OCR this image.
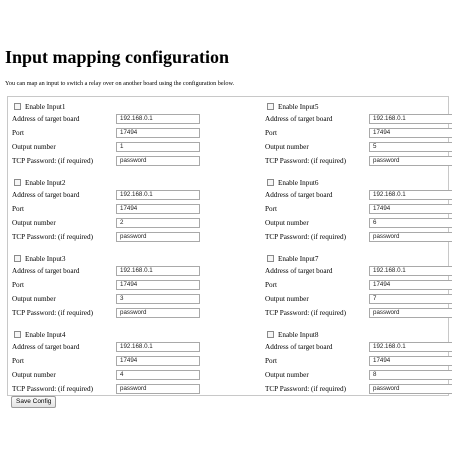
Input mapping configuration

You can map an input to switch a relay over on another board using the configuration below.

Enable Input1
Address of target board	192.168.0.1
Port	17494
Output number	1
TCP Password: (if required)	password
Enable Input2
Address of target board	192.168.0.1
Port	17494
Output number	2
TCP Password: (if required)	password
Enable Input3
Address of target board	192.168.0.1
Port	17494
Output number	3
TCP Password: (if required)	password
Enable Input4
Address of target board	192.168.0.1
Port	17494
Output number	4
TCP Password: (if required)	password
Enable Input5
Address of target board	192.168.0.1
Port	17494
Output number	5
TCP Password: (if required)	password
Enable Input6
Address of target board	192.168.0.1
Port	17494
Output number	6
TCP Password: (if required)	password
Enable Input7
Address of target board	192.168.0.1
Port	17494
Output number	7
TCP Password: (if required)	password
Enable Input8
Address of target board	192.168.0.1
Port	17494
Output number	8
TCP Password: (if required)	password
Save Config
